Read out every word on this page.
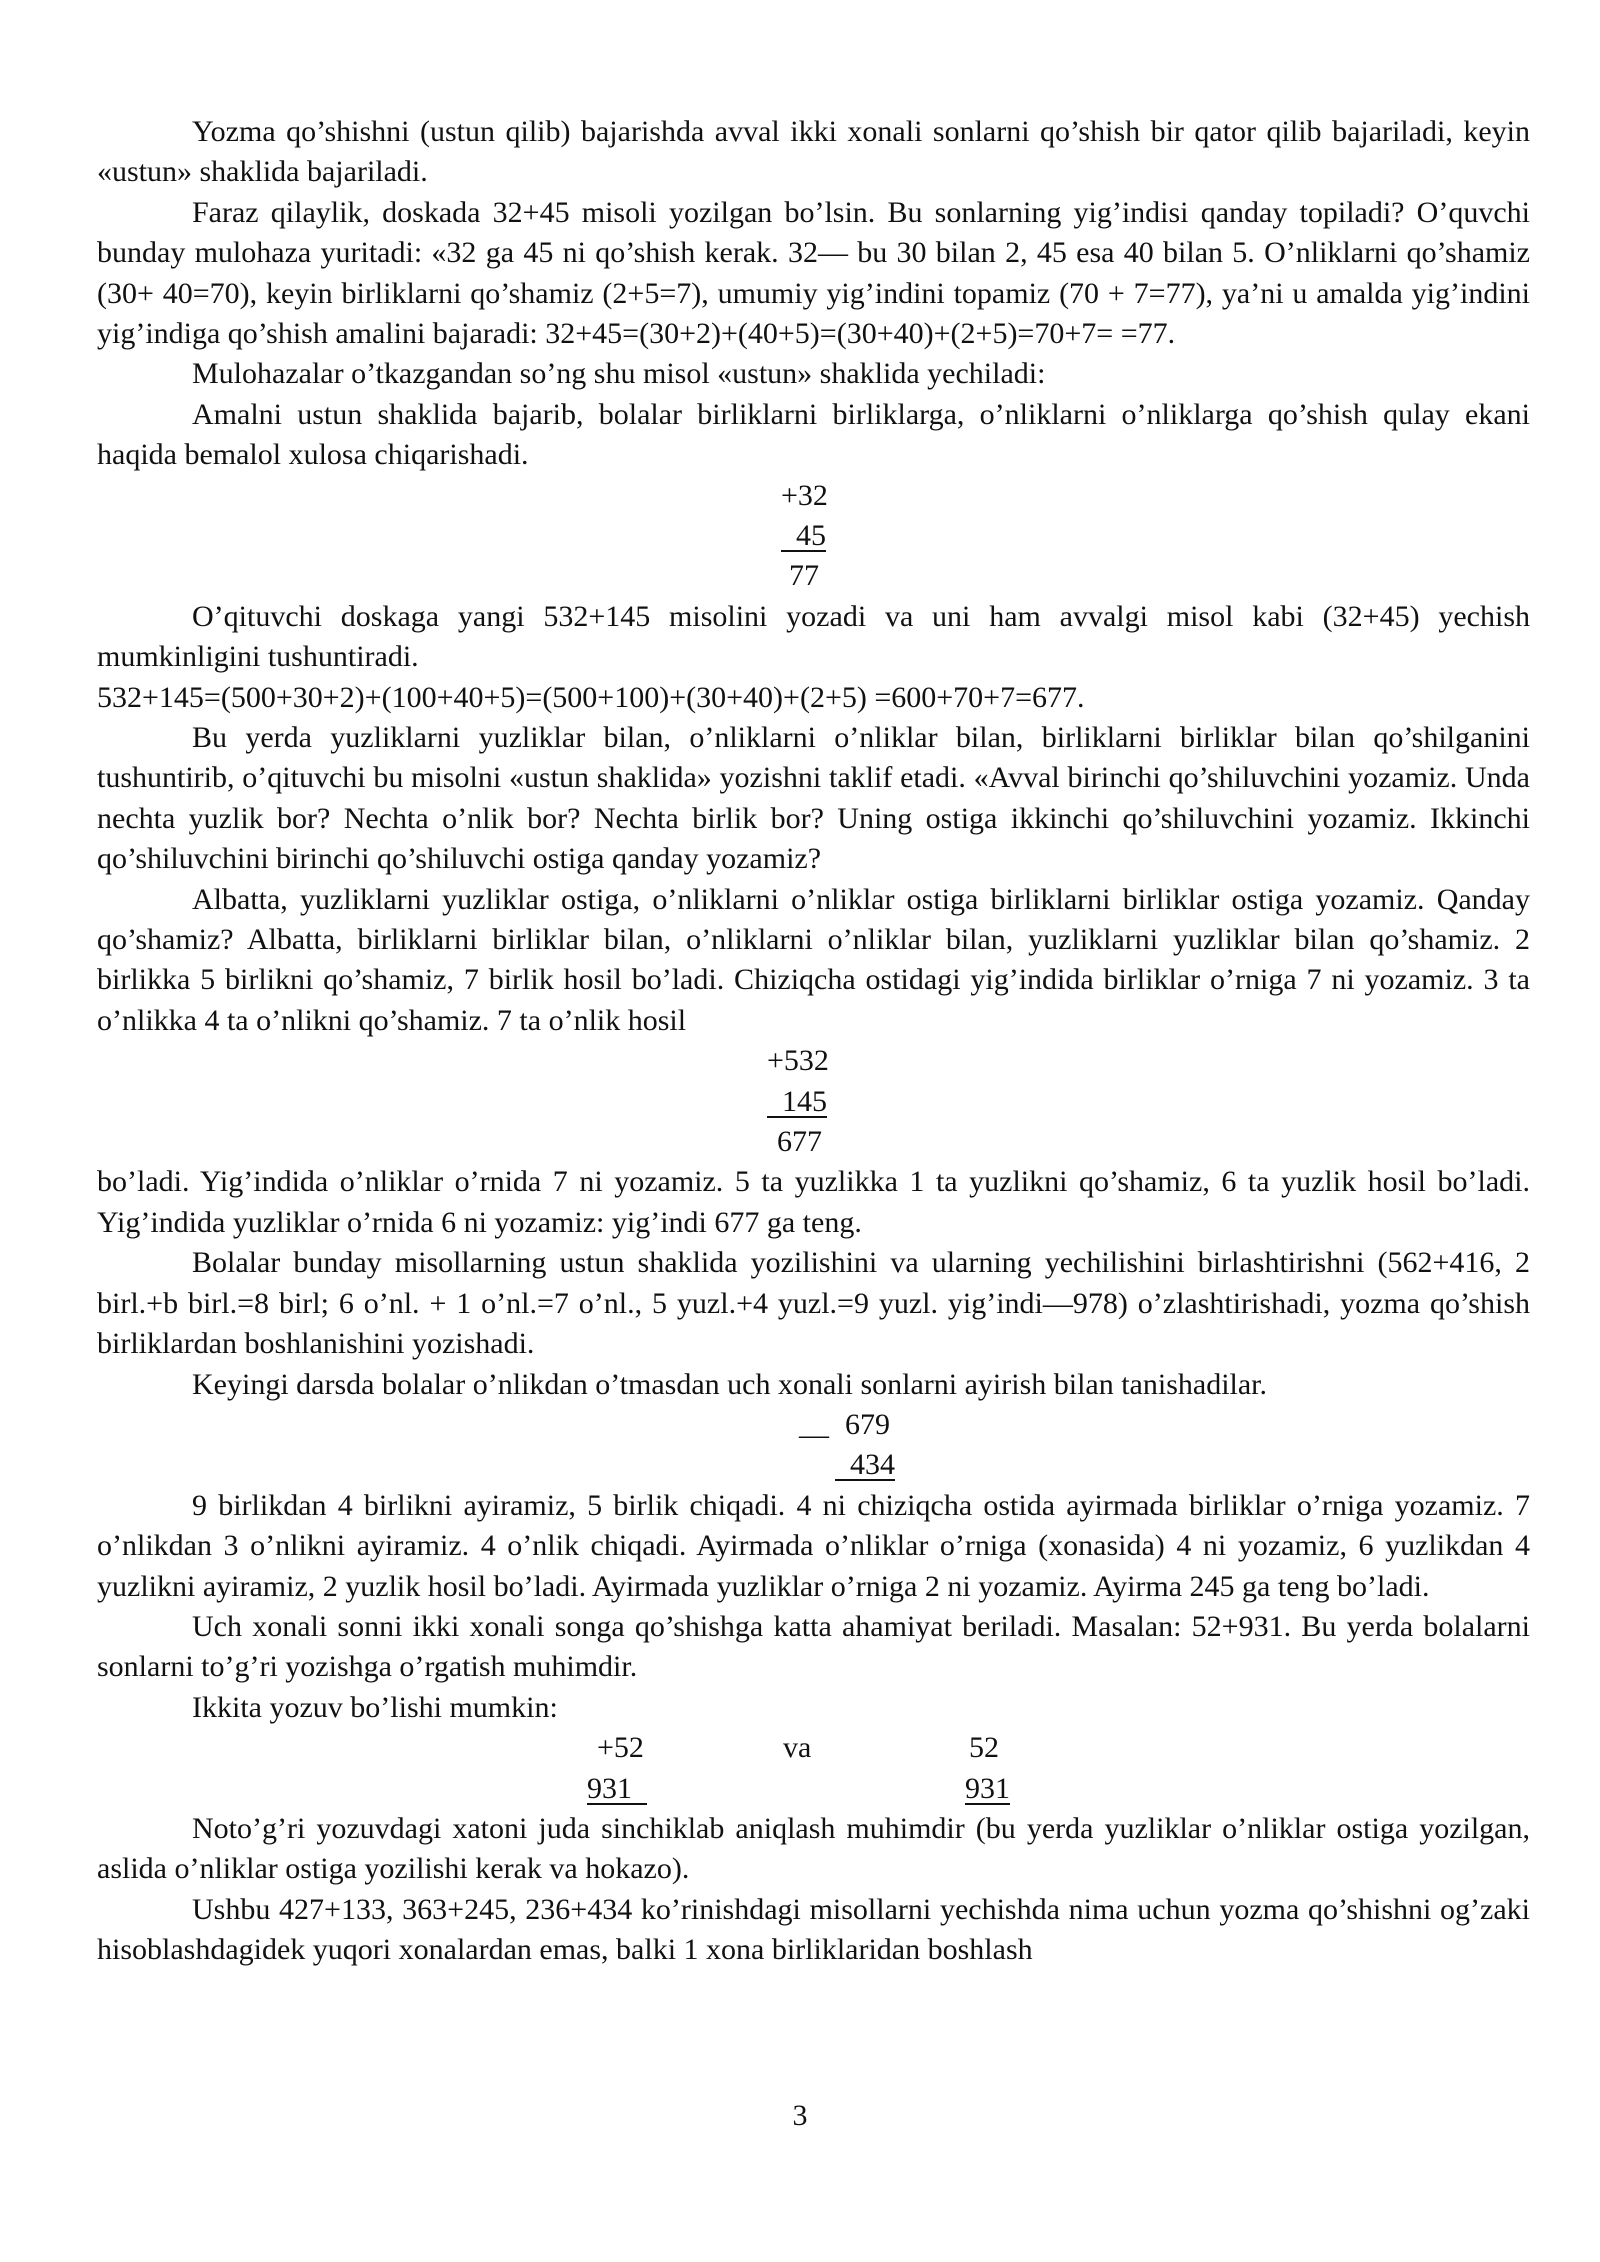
Yozma qo’shishni (ustun qilib) bajarishda avval ikki xonali sonlarni qo’shish bir qator qilib bajariladi, keyin «ustun» shaklida bajariladi.

Faraz qilaylik, doskada 32+45 misoli yozilgan bo’lsin. Bu sonlarning yig’indisi qanday topiladi? O’quvchi bunday mulohaza yuritadi: «32 ga 45 ni qo’shish kerak. 32— bu 30 bilan 2, 45 esa 40 bilan 5. O’nliklarni qo’shamiz (30+ 40=70), keyin birliklarni qo’shamiz (2+5=7), umumiy yig’indini topamiz (70 + 7=77), ya’ni u amalda yig’indini yig’indiga qo’shish amalini bajaradi: 32+45=(30+2)+(40+5)=(30+40)+(2+5)=70+7= =77.

Mulohazalar o’tkazgandan so’ng shu misol «ustun» shaklida yechiladi:

Amalni ustun shaklida bajarib, bolalar birliklarni birliklarga, o’nliklarni o’nliklarga qo’shish qulay ekani haqida bemalol xulosa chiqarishadi.

+32
45
77

O’qituvchi doskaga yangi 532+145 misolini yozadi va uni ham avvalgi misol kabi (32+45) yechish mumkinligini tushuntiradi.

532+145=(500+30+2)+(100+40+5)=(500+100)+(30+40)+(2+5) =600+70+7=677.

Bu yerda yuzliklarni yuzliklar bilan, o’nliklarni o’nliklar bilan, birliklarni birliklar bilan qo’shilganini tushuntirib, o’qituvchi bu misolni «ustun shaklida» yozishni taklif etadi. «Avval birinchi qo’shiluvchini yozamiz. Unda nechta yuzlik bor? Nechta o’nlik bor? Nechta birlik bor? Uning ostiga ikkinchi qo’shiluvchini yozamiz. Ikkinchi qo’shiluvchini birinchi qo’shiluvchi ostiga qanday yozamiz?

Albatta, yuzliklarni yuzliklar ostiga, o’nliklarni o’nliklar ostiga birliklarni birliklar ostiga yozamiz. Qanday qo’shamiz? Albatta, birliklarni birliklar bilan, o’nliklarni o’nliklar bilan, yuzliklarni yuzliklar bilan qo’shamiz. 2 birlikka 5 birlikni qo’shamiz, 7 birlik hosil bo’ladi. Chiziqcha ostidagi yig’indida birliklar o’rniga 7 ni yozamiz. 3 ta o’nlikka 4 ta o’nlikni qo’shamiz. 7 ta o’nlik hosil

+532
145
677

bo’ladi. Yig’indida o’nliklar o’rnida 7 ni yozamiz. 5 ta yuzlikka 1 ta yuzlikni qo’shamiz, 6 ta yuzlik hosil bo’ladi. Yig’indida yuzliklar o’rnida 6 ni yozamiz: yig’indi 677 ga teng.

Bolalar bunday misollarning ustun shaklida yozilishini va ularning yechilishini birlashtirishni (562+416, 2 birl.+b birl.=8 birl; 6 o’nl. + 1 o’nl.=7 o’nl., 5 yuzl.+4 yuzl.=9 yuzl. yig’indi—978) o’zlashtirishadi, yozma qo’shish birliklardan boshlanishini yozishadi.

Keyingi darsda bolalar o’nlikdan o’tmasdan uch xonali sonlarni ayirish bilan tanishadilar.

__ 679
434

9 birlikdan 4 birlikni ayiramiz, 5 birlik chiqadi. 4 ni chiziqcha ostida ayirmada birliklar o’rniga yozamiz. 7 o’nlikdan 3 o’nlikni ayiramiz. 4 o’nlik chiqadi. Ayirmada o’nliklar o’rniga (xonasida) 4 ni yozamiz, 6 yuzlikdan 4 yuzlikni ayiramiz, 2 yuzlik hosil bo’ladi. Ayirmada yuzliklar o’rniga 2 ni yozamiz. Ayirma 245 ga teng bo’ladi.

Uch xonali sonni ikki xonali songa qo’shishga katta ahamiyat beriladi. Masalan: 52+931. Bu yerda bolalarni sonlarni to’g’ri yozishga o’rgatish muhimdir.

Ikkita yozuv bo’lishi mumkin:

+52	va	52
931	931

Noto’g’ri yozuvdagi xatoni juda sinchiklab aniqlash muhimdir (bu yerda yuzliklar o’nliklar ostiga yozilgan, aslida o’nliklar ostiga yozilishi kerak va hokazo).

Ushbu 427+133, 363+245, 236+434 ko’rinishdagi misollarni yechishda nima uchun yozma qo’shishni og’zaki hisoblashdagidek yuqori xonalardan emas, balki 1 xona birliklaridan boshlash

3
